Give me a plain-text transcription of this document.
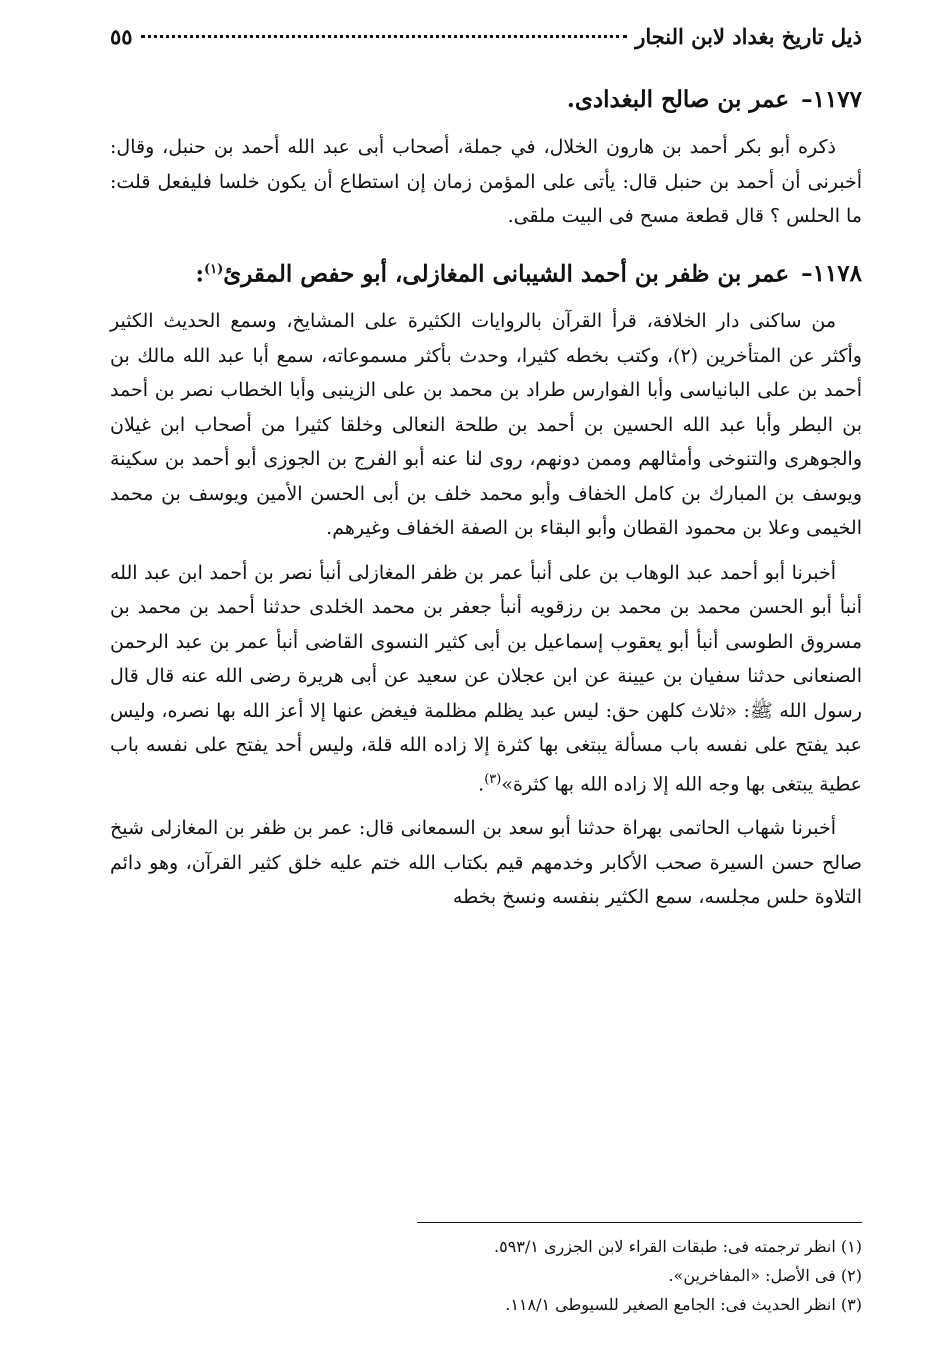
ذيل تاريخ بغداد لابن النجار
٥٥
١١٧٧– عمر بن صالح البغدادى.

ذكره أبو بكر أحمد بن هارون الخلال، في جملة، أصحاب أبى عبد الله أحمد بن حنبل، وقال: أخبرنى أن أحمد بن حنبل قال: يأتى على المؤمن زمان إن استطاع أن يكون خلسا فليفعل قلت: ما الحلس ؟ قال قطعة مسح فى البيت ملقى.

١١٧٨– عمر بن ظفر بن أحمد الشيبانى المغازلى، أبو حفص المقرئ$^{(١)}$:

من ساكنى دار الخلافة، قرأ القرآن بالروايات الكثيرة على المشايخ، وسمع الحديث الكثير وأكثر عن المتأخرين (٢)، وكتب بخطه كثيرا، وحدث بأكثر مسموعاته، سمع أبا عبد الله مالك بن أحمد بن على البانياسى وأبا الفوارس طراد بن محمد بن على الزينبى وأبا الخطاب نصر بن أحمد بن البطر وأبا عبد الله الحسين بن أحمد بن طلحة النعالى وخلقا كثيرا من أصحاب ابن غيلان والجوهرى والتنوخى وأمثالهم وممن دونهم، روى لنا عنه أبو الفرج بن الجوزى أبو أحمد بن سكينة ويوسف بن المبارك بن كامل الخفاف وأبو محمد خلف بن أبى الحسن الأمين ويوسف بن محمد الخيمى وعلا بن محمود القطان وأبو البقاء بن الصفة الخفاف وغيرهم.

أخبرنا أبو أحمد عبد الوهاب بن على أنبأ عمر بن ظفر المغازلى أنبأ نصر بن أحمد ابن عبد الله أنبأ أبو الحسن محمد بن محمد بن رزقويه أنبأ جعفر بن محمد الخلدى حدثنا أحمد بن محمد بن مسروق الطوسى أنبأ أبو يعقوب إسماعيل بن أبى كثير النسوى القاضى أنبأ عمر بن عبد الرحمن الصنعانى حدثنا سفيان بن عيينة عن ابن عجلان عن سعيد عن أبى هريرة رضى الله عنه قال قال رسول الله ﷺ: «ثلاث كلهن حق: ليس عبد يظلم مظلمة فيغض عنها إلا أعز الله بها نصره، وليس عبد يفتح على نفسه باب مسألة يبتغى بها كثرة إلا زاده الله قلة، وليس أحد يفتح على نفسه باب عطية يبتغى بها وجه الله إلا زاده الله بها كثرة»$^{(٣)}$.

أخبرنا شهاب الحاتمى بهراة حدثنا أبو سعد بن السمعانى قال: عمر بن ظفر بن المغازلى شيخ صالح حسن السيرة صحب الأكابر وخدمهم قيم بكتاب الله ختم عليه خلق كثير القرآن، وهو دائم التلاوة حلس مجلسه، سمع الكثير بنفسه ونسخ بخطه

(١) انظر ترجمته فى: طبقات القراء لابن الجزرى ٥٩٣/١.
(٢) فى الأصل: «المفاخرين».
(٣) انظر الحديث فى: الجامع الصغير للسيوطى ١١٨/١.
